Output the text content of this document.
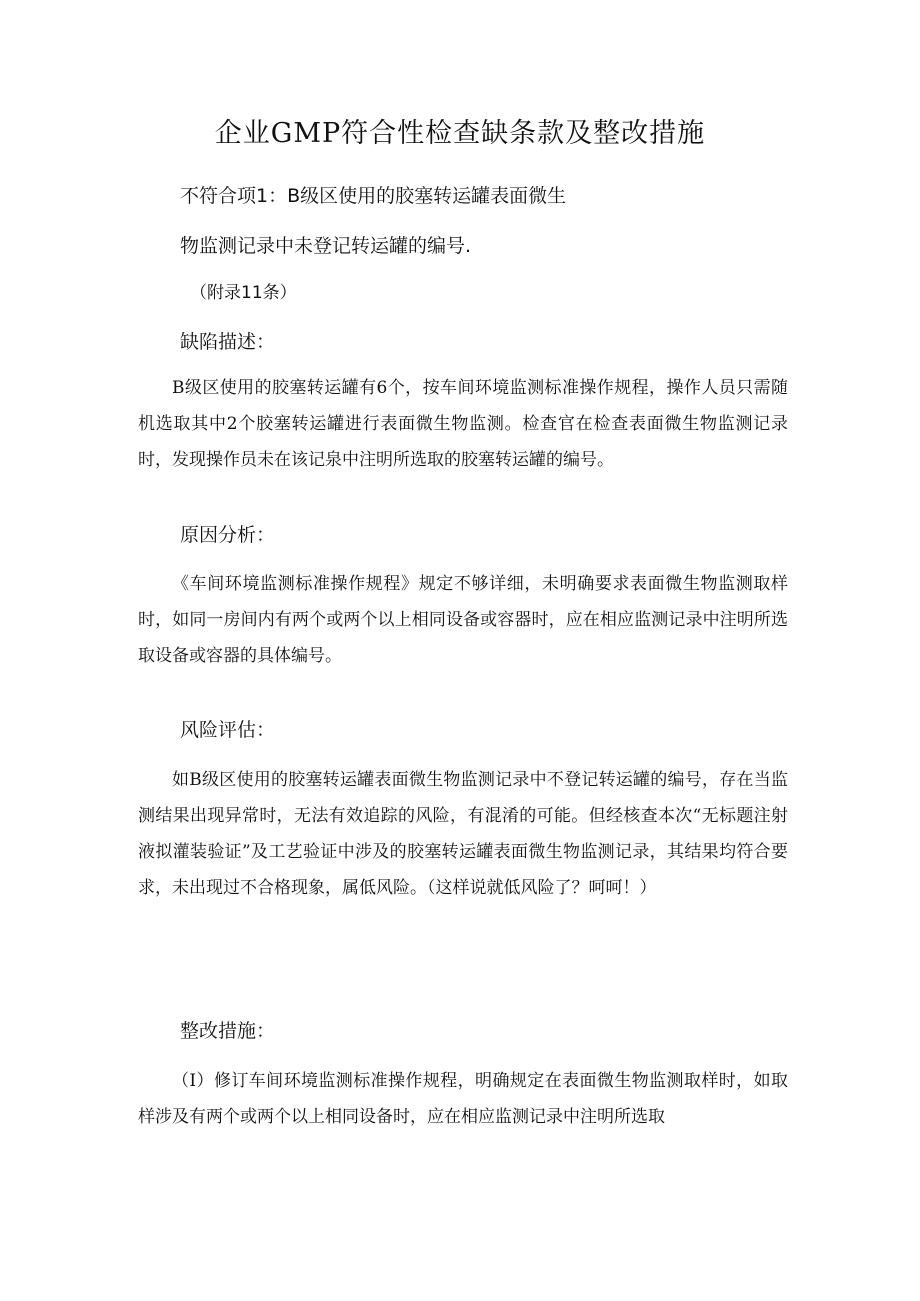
企业GMP符合性检查缺条款及整改措施
不符合项1：B级区使用的胶塞转运罐表面微生
物监测记录中未登记转运罐的编号.
（附录11条）
缺陷描述：

B级区使用的胶塞转运罐有6个，按车间环境监测标准操作规程，操作人员只需随机选取其中2个胶塞转运罐进行表面微生物监测。检查官在检查表面微生物监测记录时，发现操作员未在该记泉中注明所选取的胶塞转运罐的编号。

原因分析：

《车间环境监测标准操作规程》规定不够详细，未明确要求表面微生物监测取样时，如同一房间内有两个或两个以上相同设备或容器时，应在相应监测记录中注明所选取设备或容器的具体编号。

风险评估：

如B级区使用的胶塞转运罐表面微生物监测记录中不登记转运罐的编号，存在当监测结果出现异常时，无法有效追踪的风险，有混淆的可能。但经核查本次“无标题注射液拟灌装验证”及工艺验证中涉及的胶塞转运罐表面微生物监测记录，其结果均符合要求，未出现过不合格现象，属低风险。（这样说就低风险了？呵呵！）

整改措施：

（I）修订车间环境监测标准操作规程，明确规定在表面微生物监测取样时，如取样涉及有两个或两个以上相同设备时，应在相应监测记录中注明所选取
